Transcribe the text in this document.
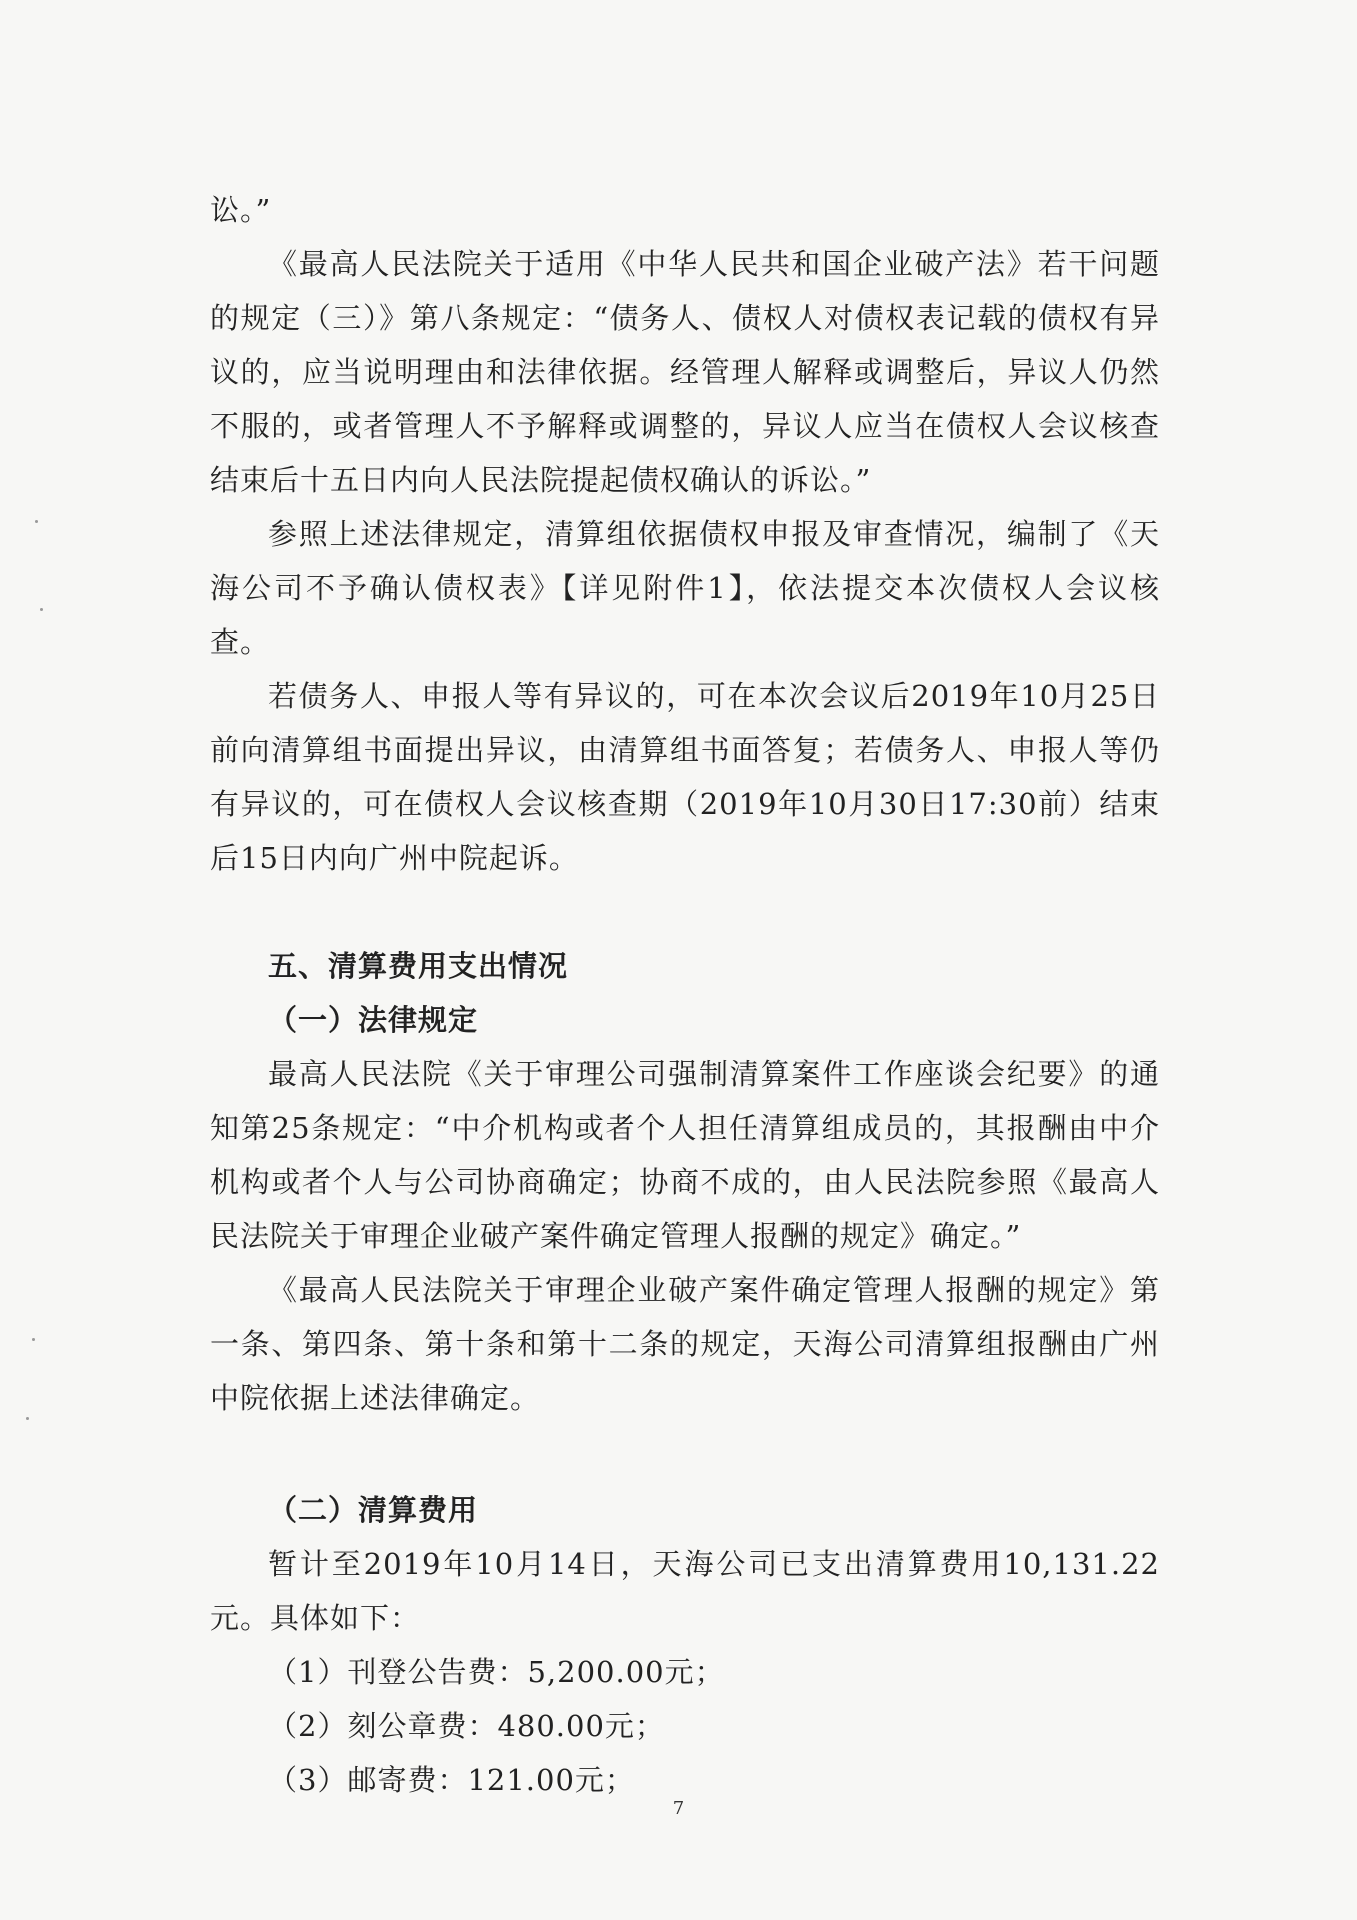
讼。”

《最高人民法院关于适用《中华人民共和国企业破产法》若干问题的规定（三）》第八条规定：“债务人、债权人对债权表记载的债权有异议的，应当说明理由和法律依据。经管理人解释或调整后，异议人仍然不服的，或者管理人不予解释或调整的，异议人应当在债权人会议核查结束后十五日内向人民法院提起债权确认的诉讼。”

参照上述法律规定，清算组依据债权申报及审查情况，编制了《天海公司不予确认债权表》【详见附件1】，依法提交本次债权人会议核查。

若债务人、申报人等有异议的，可在本次会议后2019年10月25日前向清算组书面提出异议，由清算组书面答复；若债务人、申报人等仍有异议的，可在债权人会议核查期（2019年10月30日17:30前）结束后15日内向广州中院起诉。

五、清算费用支出情况

（一）法律规定

最高人民法院《关于审理公司强制清算案件工作座谈会纪要》的通知第25条规定：“中介机构或者个人担任清算组成员的，其报酬由中介机构或者个人与公司协商确定；协商不成的，由人民法院参照《最高人民法院关于审理企业破产案件确定管理人报酬的规定》确定。”

《最高人民法院关于审理企业破产案件确定管理人报酬的规定》第一条、第四条、第十条和第十二条的规定，天海公司清算组报酬由广州中院依据上述法律确定。

（二）清算费用

暂计至2019年10月14日，天海公司已支出清算费用10,131.22元。具体如下：

（1）刊登公告费：5,200.00元；

（2）刻公章费：480.00元；

（3）邮寄费：121.00元；

7
